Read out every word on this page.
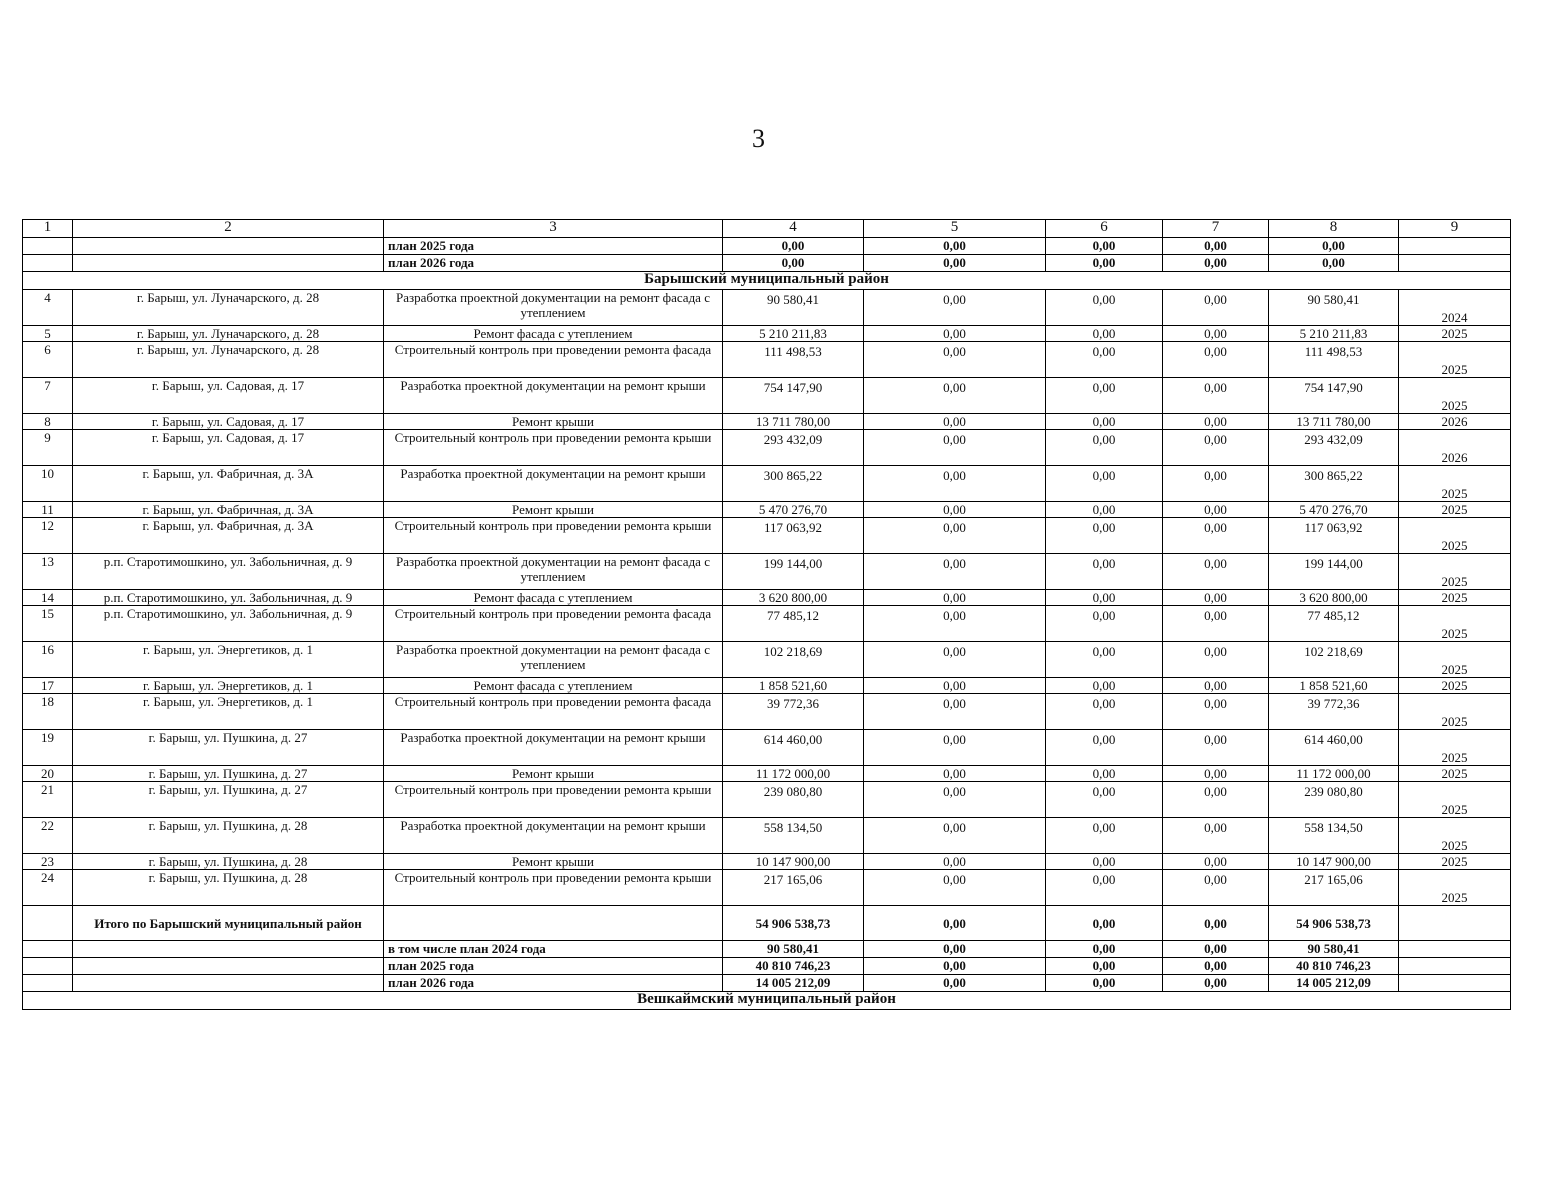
3
1	2	3	4	5	6	7	8	9
		план 2025 года	0,00	0,00	0,00	0,00	0,00	
		план 2026 года	0,00	0,00	0,00	0,00	0,00	
Барышский муниципальный район								
4	г. Барыш, ул. Луначарского, д. 28	Разработка проектной документации на ремонт фасада с утеплением	90 580,41	0,00	0,00	0,00	90 580,41	2024
5	г. Барыш, ул. Луначарского, д. 28	Ремонт фасада с утеплением	5 210 211,83	0,00	0,00	0,00	5 210 211,83	2025
6	г. Барыш, ул. Луначарского, д. 28	Строительный контроль при проведении ремонта фасада	111 498,53	0,00	0,00	0,00	111 498,53	2025
7	г. Барыш, ул. Садовая, д. 17	Разработка проектной документации на ремонт крыши	754 147,90	0,00	0,00	0,00	754 147,90	2025
8	г. Барыш, ул. Садовая, д. 17	Ремонт крыши	13 711 780,00	0,00	0,00	0,00	13 711 780,00	2026
9	г. Барыш, ул. Садовая, д. 17	Строительный контроль при проведении ремонта крыши	293 432,09	0,00	0,00	0,00	293 432,09	2026
10	г. Барыш, ул. Фабричная, д. 3А	Разработка проектной документации на ремонт крыши	300 865,22	0,00	0,00	0,00	300 865,22	2025
11	г. Барыш, ул. Фабричная, д. 3А	Ремонт крыши	5 470 276,70	0,00	0,00	0,00	5 470 276,70	2025
12	г. Барыш, ул. Фабричная, д. 3А	Строительный контроль при проведении ремонта крыши	117 063,92	0,00	0,00	0,00	117 063,92	2025
13	р.п. Старотимошкино, ул. Забольничная, д. 9	Разработка проектной документации на ремонт фасада с утеплением	199 144,00	0,00	0,00	0,00	199 144,00	2025
14	р.п. Старотимошкино, ул. Забольничная, д. 9	Ремонт фасада с утеплением	3 620 800,00	0,00	0,00	0,00	3 620 800,00	2025
15	р.п. Старотимошкино, ул. Забольничная, д. 9	Строительный контроль при проведении ремонта фасада	77 485,12	0,00	0,00	0,00	77 485,12	2025
16	г. Барыш, ул. Энергетиков, д. 1	Разработка проектной документации на ремонт фасада с утеплением	102 218,69	0,00	0,00	0,00	102 218,69	2025
17	г. Барыш, ул. Энергетиков, д. 1	Ремонт фасада с утеплением	1 858 521,60	0,00	0,00	0,00	1 858 521,60	2025
18	г. Барыш, ул. Энергетиков, д. 1	Строительный контроль при проведении ремонта фасада	39 772,36	0,00	0,00	0,00	39 772,36	2025
19	г. Барыш, ул. Пушкина, д. 27	Разработка проектной документации на ремонт крыши	614 460,00	0,00	0,00	0,00	614 460,00	2025
20	г. Барыш, ул. Пушкина, д. 27	Ремонт крыши	11 172 000,00	0,00	0,00	0,00	11 172 000,00	2025
21	г. Барыш, ул. Пушкина, д. 27	Строительный контроль при проведении ремонта крыши	239 080,80	0,00	0,00	0,00	239 080,80	2025
22	г. Барыш, ул. Пушкина, д. 28	Разработка проектной документации на ремонт крыши	558 134,50	0,00	0,00	0,00	558 134,50	2025
23	г. Барыш, ул. Пушкина, д. 28	Ремонт крыши	10 147 900,00	0,00	0,00	0,00	10 147 900,00	2025
24	г. Барыш, ул. Пушкина, д. 28	Строительный контроль при проведении ремонта крыши	217 165,06	0,00	0,00	0,00	217 165,06	2025
	Итого по Барышский муниципальный район		54 906 538,73	0,00	0,00	0,00	54 906 538,73	
		в том числе план 2024 года	90 580,41	0,00	0,00	0,00	90 580,41	
		план 2025 года	40 810 746,23	0,00	0,00	0,00	40 810 746,23	
		план 2026 года	14 005 212,09	0,00	0,00	0,00	14 005 212,09	
Вешкаймский муниципальный район								
